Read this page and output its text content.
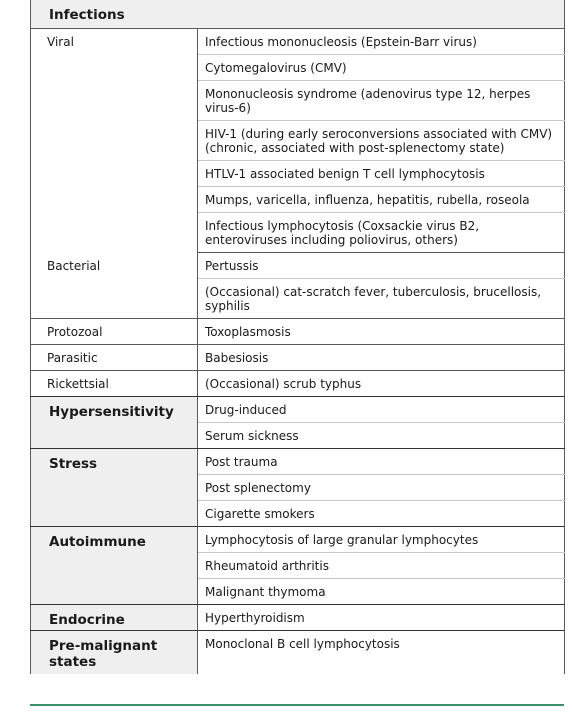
Infections	
Viral	Infectious mononucleosis (Epstein-Barr virus)
	Cytomegalovirus (CMV)
	Mononucleosis syndrome (adenovirus type 12, herpes virus-6)
	HIV-1 (during early seroconversions associated with CMV) (chronic, associated with post-splenectomy state)
	HTLV-1 associated benign T cell lymphocytosis
	Mumps, varicella, influenza, hepatitis, rubella, roseola
	Infectious lymphocytosis (Coxsackie virus B2, enteroviruses including poliovirus, others)
Bacterial	Pertussis
	(Occasional) cat-scratch fever, tuberculosis, brucellosis, syphilis
Protozoal	Toxoplasmosis
Parasitic	Babesiosis
Rickettsial	(Occasional) scrub typhus
Hypersensitivity	Drug-induced
	Serum sickness
Stress	Post trauma
	Post splenectomy
	Cigarette smokers
Autoimmune	Lymphocytosis of large granular lymphocytes
	Rheumatoid arthritis
	Malignant thymoma
Endocrine	Hyperthyroidism
Pre-malignant states	Monoclonal B cell lymphocytosis
